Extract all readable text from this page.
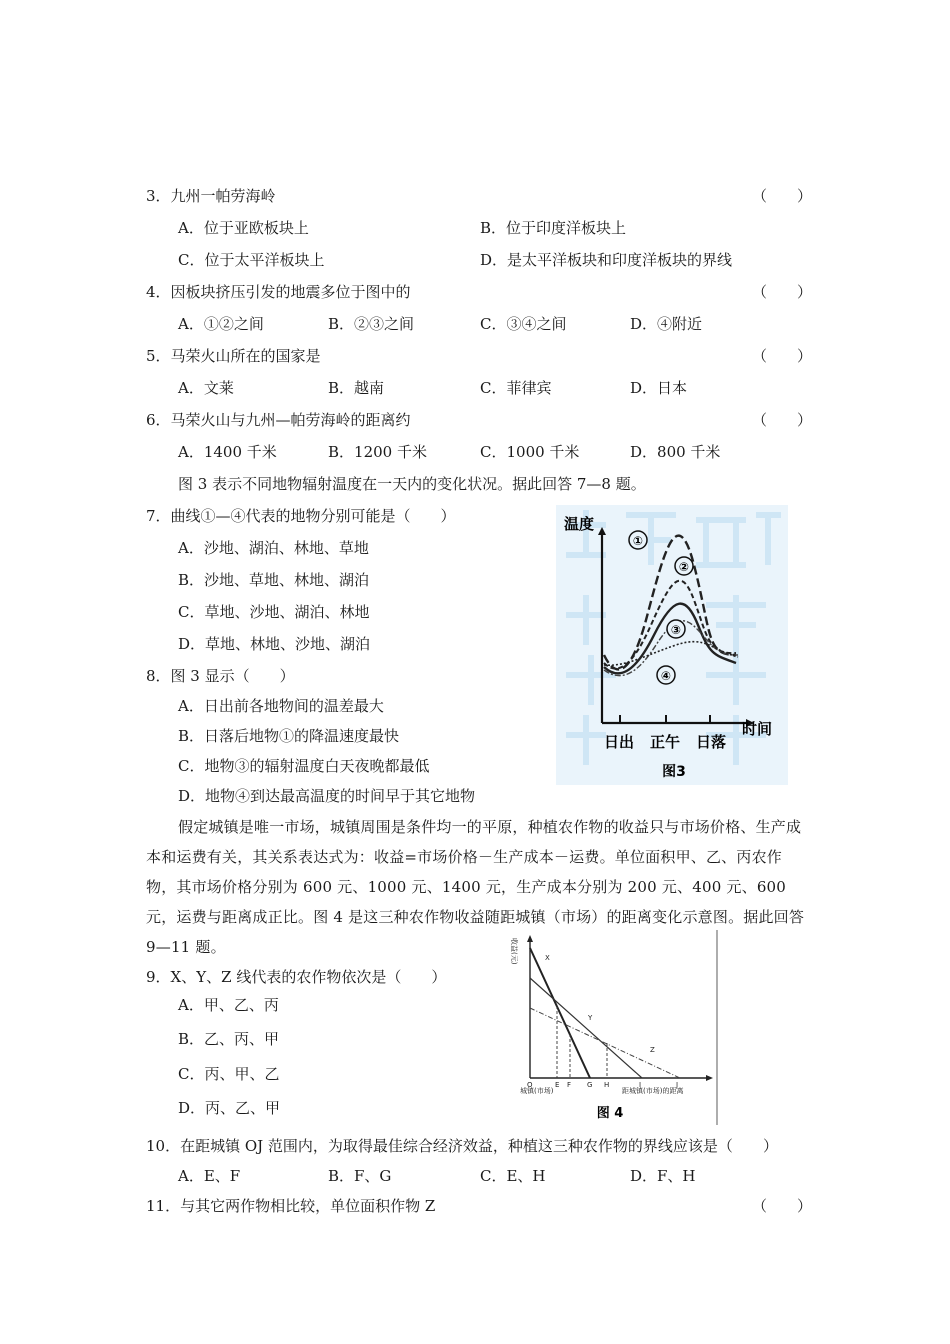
3．九州一帕劳海岭	（　　）
A．位于亚欧板块上	B．位于印度洋板块上
C．位于太平洋板块上	D．是太平洋板块和印度洋板块的界线
4．因板块挤压引发的地震多位于图中的	（　　）
A．①②之间	B．②③之间	C．③④之间	D．④附近
5．马荣火山所在的国家是	（　　）
A．文莱	B．越南	C．菲律宾	D．日本
6．马荣火山与九州—帕劳海岭的距离约	（　　）
A．1400 千米	B．1200 千米	C．1000 千米	D．800 千米
图 3 表示不同地物辐射温度在一天内的变化状况。据此回答 7—8 题。
7．曲线①—④代表的地物分别可能是（　　）
A．沙地、湖泊、林地、草地
B．沙地、草地、林地、湖泊
C．草地、沙地、湖泊、林地
D．草地、林地、沙地、湖泊
8．图 3 显示（　　）
A．日出前各地物间的温差最大
B．日落后地物①的降温速度最快
C．地物③的辐射温度白天夜晚都最低
D．地物④到达最高温度的时间早于其它地物
温度
时间
日出 正午 日落
①
②
③
④
图3
假定城镇是唯一市场，城镇周围是条件均一的平原，种植农作物的收益只与市场价格、生产成本和运费有关，其关系表达式为：收益=市场价格－生产成本－运费。单位面积甲、乙、丙农作物，其市场价格分别为 600 元、1000 元、1400 元，生产成本分别为 200 元、400 元、600 元，运费与距离成正比。图 4 是这三种农作物收益随距城镇（市场）的距离变化示意图。据此回答 9—11 题。	收益(元)
城镇(市场)	距城镇(市场)的距离
O	E F G H	I	J
X
Y
Z
图 4
9．X、Y、Z 线代表的农作物依次是（　　）
A．甲、乙、丙
B．乙、丙、甲
C．丙、甲、乙
D．丙、乙、甲
10．在距城镇 OJ 范围内，为取得最佳综合经济效益，种植这三种农作物的界线应该是（　　）
A．E、F	B．F、G	C．E、H	D．F、H
11．与其它两作物相比较，单位面积作物 Z	（　　）
